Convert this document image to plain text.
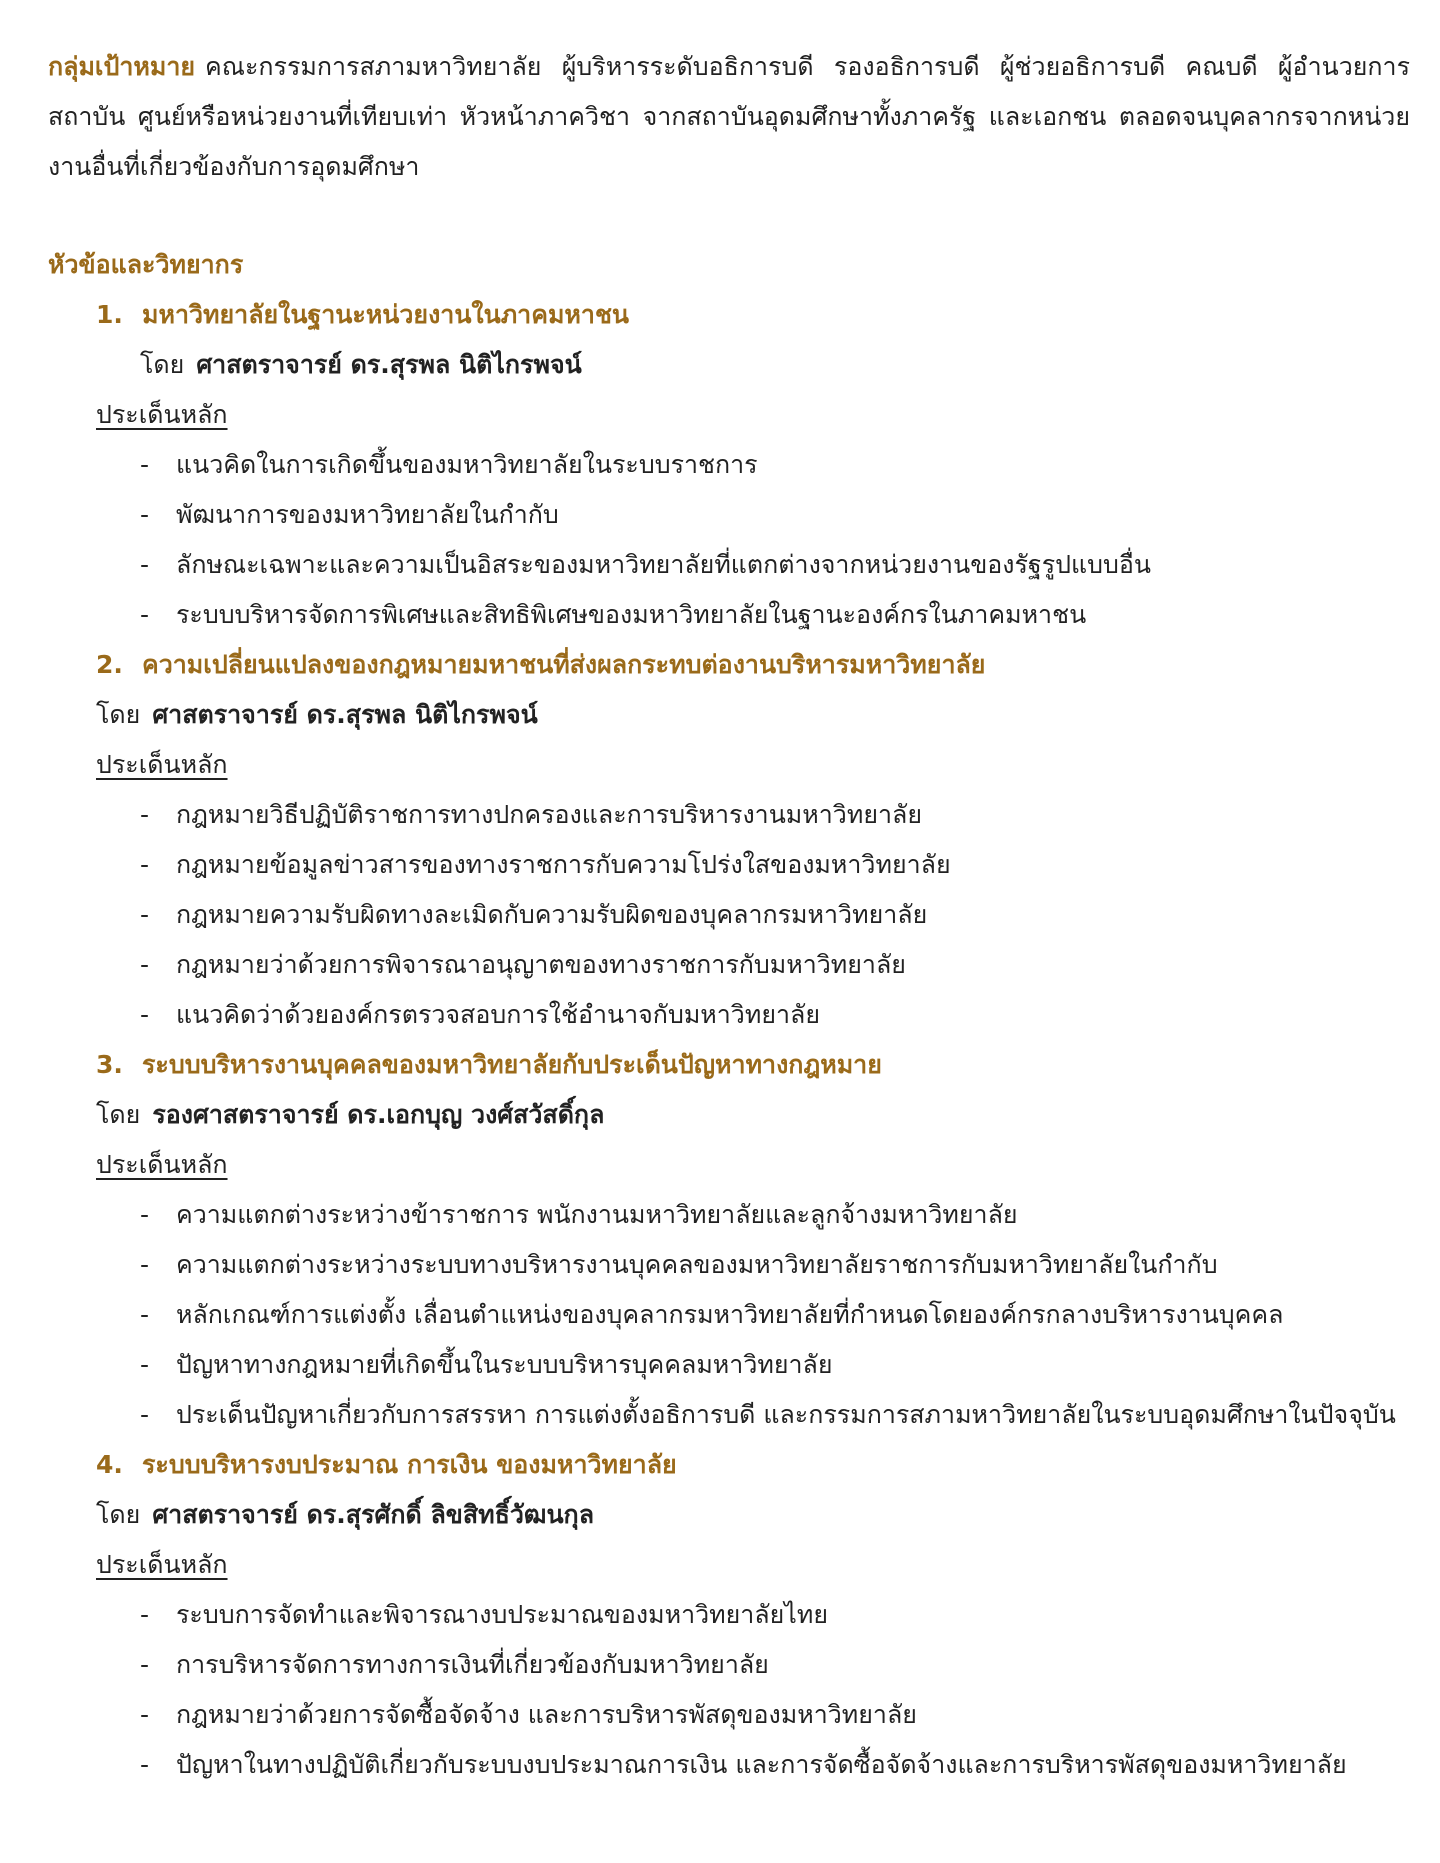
กลุ่มเป้าหมาย คณะกรรมการสภามหาวิทยาลัย ผู้บริหารระดับอธิการบดี รองอธิการบดี ผู้ช่วยอธิการบดี คณบดี ผู้อำนวยการสถาบัน ศูนย์หรือหน่วยงานที่เทียบเท่า หัวหน้าภาควิชา จากสถาบันอุดมศึกษาทั้งภาครัฐ และเอกชน ตลอดจนบุคลากรจากหน่วยงานอื่นที่เกี่ยวข้องกับการอุดมศึกษา

หัวข้อและวิทยากร
1. มหาวิทยาลัยในฐานะหน่วยงานในภาคมหาชน
โดย ศาสตราจารย์ ดร.สุรพล นิติไกรพจน์
ประเด็นหลัก
- แนวคิดในการเกิดขึ้นของมหาวิทยาลัยในระบบราชการ
- พัฒนาการของมหาวิทยาลัยในกำกับ
- ลักษณะเฉพาะและความเป็นอิสระของมหาวิทยาลัยที่แตกต่างจากหน่วยงานของรัฐรูปแบบอื่น
- ระบบบริหารจัดการพิเศษและสิทธิพิเศษของมหาวิทยาลัยในฐานะองค์กรในภาคมหาชน
2. ความเปลี่ยนแปลงของกฎหมายมหาชนที่ส่งผลกระทบต่องานบริหารมหาวิทยาลัย
โดย ศาสตราจารย์ ดร.สุรพล นิติไกรพจน์
ประเด็นหลัก
- กฎหมายวิธีปฏิบัติราชการทางปกครองและการบริหารงานมหาวิทยาลัย
- กฎหมายข้อมูลข่าวสารของทางราชการกับความโปร่งใสของมหาวิทยาลัย
- กฎหมายความรับผิดทางละเมิดกับความรับผิดของบุคลากรมหาวิทยาลัย
- กฎหมายว่าด้วยการพิจารณาอนุญาตของทางราชการกับมหาวิทยาลัย
- แนวคิดว่าด้วยองค์กรตรวจสอบการใช้อำนาจกับมหาวิทยาลัย
3. ระบบบริหารงานบุคคลของมหาวิทยาลัยกับประเด็นปัญหาทางกฎหมาย
โดย รองศาสตราจารย์ ดร.เอกบุญ วงศ์สวัสดิ์กุล
ประเด็นหลัก
- ความแตกต่างระหว่างข้าราชการ พนักงานมหาวิทยาลัยและลูกจ้างมหาวิทยาลัย
- ความแตกต่างระหว่างระบบทางบริหารงานบุคคลของมหาวิทยาลัยราชการกับมหาวิทยาลัยในกำกับ
- หลักเกณฑ์การแต่งตั้ง เลื่อนตำแหน่งของบุคลากรมหาวิทยาลัยที่กำหนดโดยองค์กรกลางบริหารงานบุคคล
- ปัญหาทางกฎหมายที่เกิดขึ้นในระบบบริหารบุคคลมหาวิทยาลัย
- ประเด็นปัญหาเกี่ยวกับการสรรหา การแต่งตั้งอธิการบดี และกรรมการสภามหาวิทยาลัยในระบบอุดมศึกษาในปัจจุบัน
4. ระบบบริหารงบประมาณ การเงิน ของมหาวิทยาลัย
โดย ศาสตราจารย์ ดร.สุรศักดิ์ ลิขสิทธิ์วัฒนกุล
ประเด็นหลัก
- ระบบการจัดทำและพิจารณางบประมาณของมหาวิทยาลัยไทย
- การบริหารจัดการทางการเงินที่เกี่ยวข้องกับมหาวิทยาลัย
- กฎหมายว่าด้วยการจัดซื้อจัดจ้าง และการบริหารพัสดุของมหาวิทยาลัย
- ปัญหาในทางปฏิบัติเกี่ยวกับระบบงบประมาณการเงิน และการจัดซื้อจัดจ้างและการบริหารพัสดุของมหาวิทยาลัย
